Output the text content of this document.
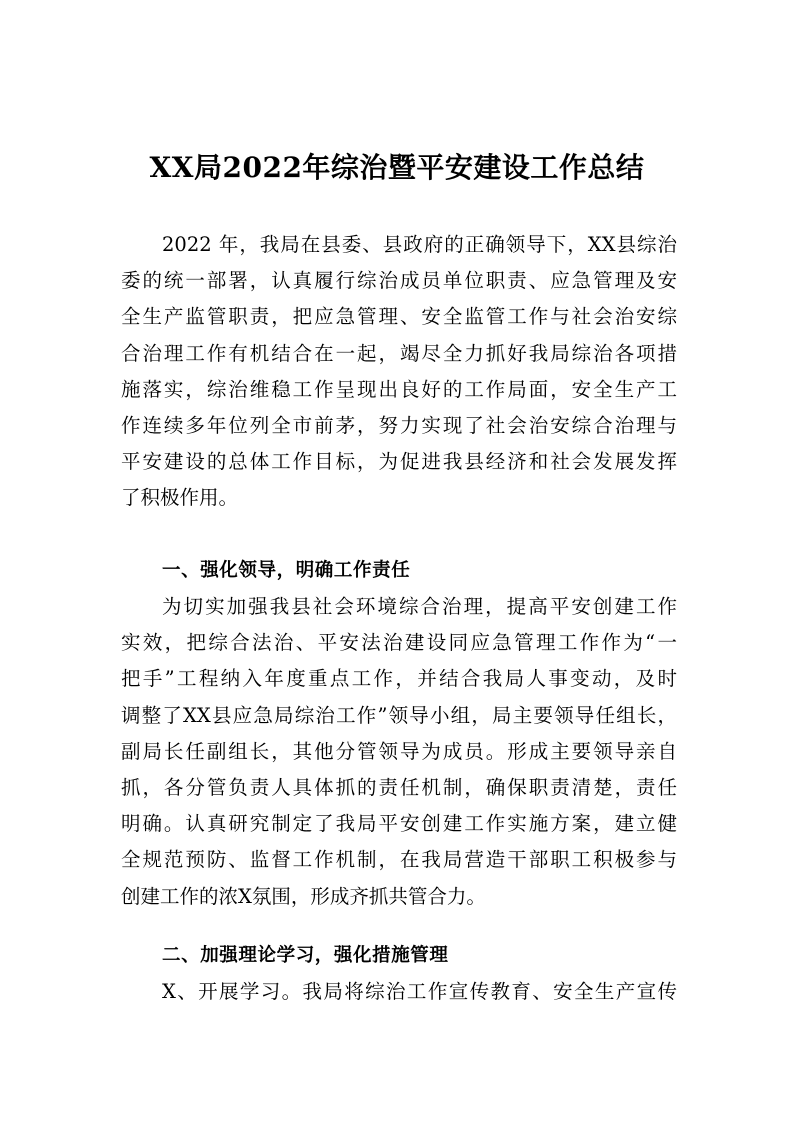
XX局2022年综治暨平安建设工作总结
2022 年，我局在县委、县政府的正确领导下，XX县综治
委的统一部署，认真履行综治成员单位职责、应急管理及安
全生产监管职责，把应急管理、安全监管工作与社会治安综
合治理工作有机结合在一起，竭尽全力抓好我局综治各项措
施落实，综治维稳工作呈现出良好的工作局面，安全生产工
作连续多年位列全市前茅，努力实现了社会治安综合治理与
平安建设的总体工作目标，为促进我县经济和社会发展发挥
了积极作用。
一、强化领导，明确工作责任
为切实加强我县社会环境综合治理，提高平安创建工作
实效，把综合法治、平安法治建设同应急管理工作作为“一
把手”工程纳入年度重点工作，并结合我局人事变动，及时
调整了XX县应急局综治工作”领导小组，局主要领导任组长，
副局长任副组长，其他分管领导为成员。形成主要领导亲自
抓，各分管负责人具体抓的责任机制，确保职责清楚，责任
明确。认真研究制定了我局平安创建工作实施方案，建立健
全规范预防、监督工作机制，在我局营造干部职工积极参与
创建工作的浓X氛围，形成齐抓共管合力。
二、加强理论学习，强化措施管理
X、开展学习。我局将综治工作宣传教育、安全生产宣传
